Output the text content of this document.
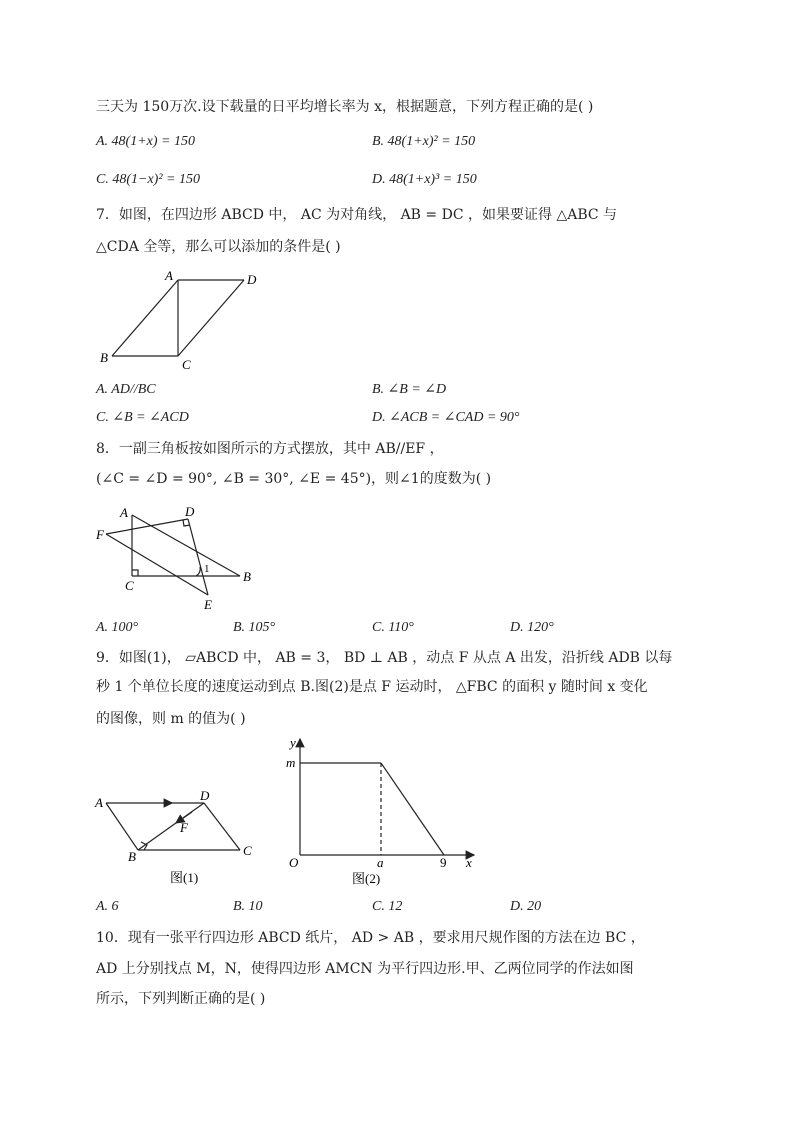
三天为 150万次.设下载量的日平均增长率为 x，根据题意，下列方程正确的是( )
A. 48(1+x) = 150	B. 48(1+x)² = 150
C. 48(1−x)² = 150	D. 48(1+x)³ = 150
7．如图，在四边形 ABCD 中， AC 为对角线， AB = DC ，如果要证得 △ABC 与
△CDA 全等，那么可以添加的条件是( )
A	D
B	C
A. AD//BC	B. ∠B = ∠D
C. ∠B = ∠ACD	D. ∠ACB = ∠CAD = 90°
8．一副三角板按如图所示的方式摆放，其中 AB//EF ，
(∠C = ∠D = 90°, ∠B = 30°, ∠E = 45°)，则∠1的度数为( )
A	D
F
C
B
E
1
A. 100°	B. 105°	C. 110°	D. 120°
9．如图(1)， ▱ABCD 中， AB = 3， BD ⊥ AB ，动点 F 从点 A 出发，沿折线 ADB 以每
秒 1 个单位长度的速度运动到点 B.图(2)是点 F 运动时， △FBC 的面积 y 随时间 x 变化
的图像，则 m 的值为( )
A	D
F
B	C
图(1)
y
m
O	a	9 x
图(2)
A. 6	B. 10	C. 12	D. 20
10．现有一张平行四边形 ABCD 纸片， AD > AB ，要求用尺规作图的方法在边 BC ，
AD 上分别找点 M，N，使得四边形 AMCN 为平行四边形.甲、乙两位同学的作法如图
所示，下列判断正确的是( )
